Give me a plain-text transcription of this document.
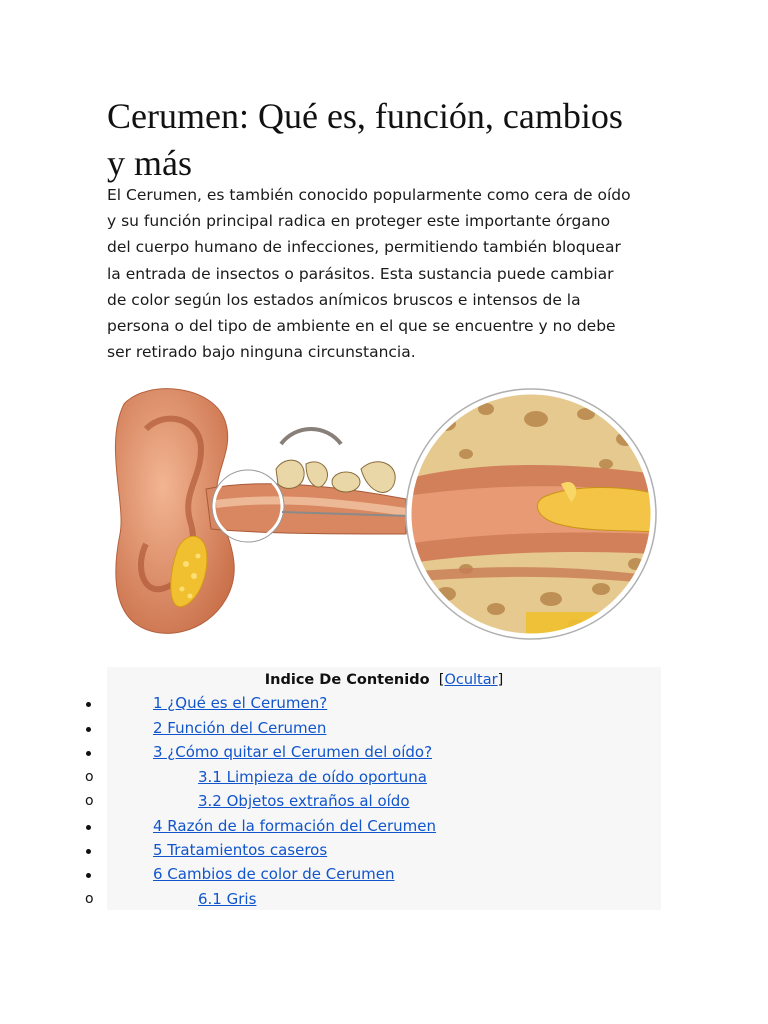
Cerumen: Qué es, función, cambios
y más

El Cerumen, es también conocido popularmente como cera de oído
y su función principal radica en proteger este importante órgano
del cuerpo humano de infecciones, permitiendo también bloquear
la entrada de insectos o parásitos. Esta sustancia puede cambiar
de color según los estados anímicos bruscos e intensos de la
persona o del tipo de ambiente en el que se encuentre y no debe
ser retirado bajo ninguna circunstancia.

Indice De Contenido [Ocultar]
1 ¿Qué es el Cerumen?
2 Función del Cerumen
3 ¿Cómo quitar el Cerumen del oído?
o	3.1 Limpieza de oído oportuna
o	3.2 Objetos extraños al oído
4 Razón de la formación del Cerumen
5 Tratamientos caseros
6 Cambios de color de Cerumen
o	6.1 Gris
